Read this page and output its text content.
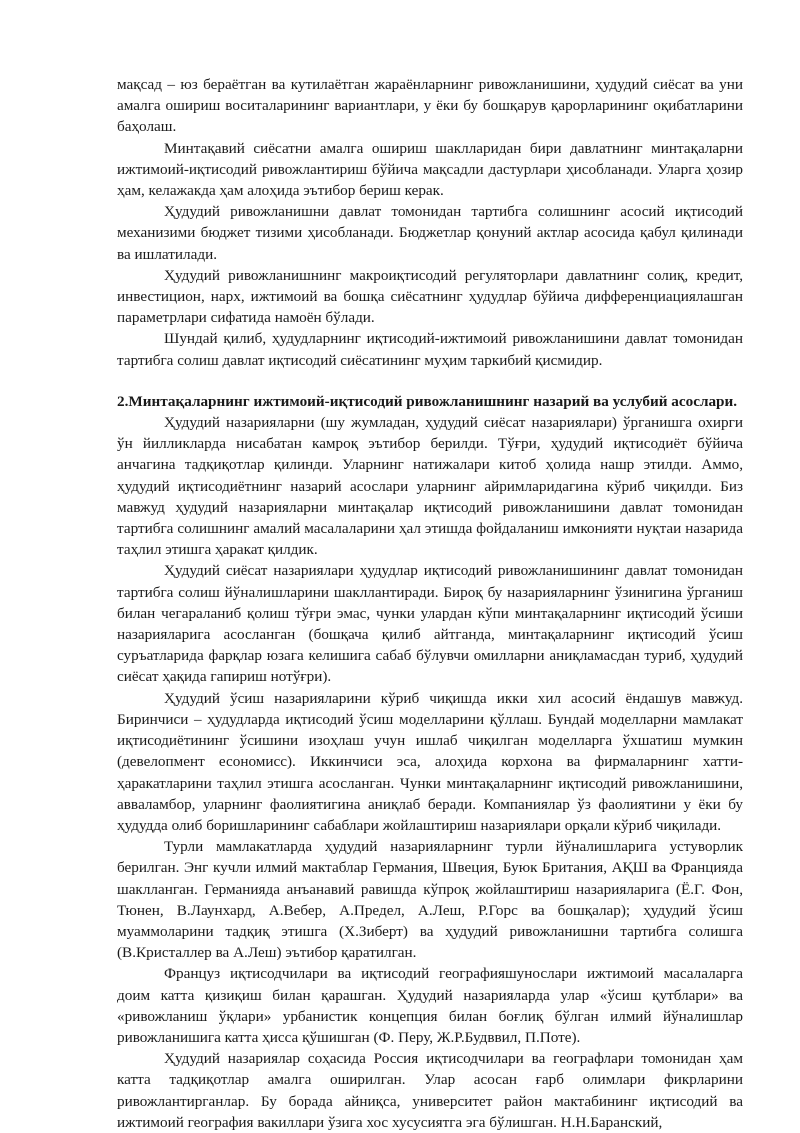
мақсад – юз бераётган ва кутилаётган жараёнларнинг ривожланишини, ҳудудий сиёсат ва уни амалга ошириш воситаларининг вариантлари, у ёки бу бошқарув қарорларининг оқибатларини баҳолаш.

Минтақавий сиёсатни амалга ошириш шаклларидан бири давлатнинг минтақаларни ижтимоий-иқтисодий ривожлантириш бўйича мақсадли дастурлари ҳисобланади. Уларга ҳозир ҳам, келажакда ҳам алоҳида эътибор бериш керак.

Ҳудудий ривожланишни давлат томонидан тартибга солишнинг асосий иқтисодий механизими бюджет тизими ҳисобланади. Бюджетлар қонуний актлар асосида қабул қилинади ва ишлатилади.

Ҳудудий ривожланишнинг макроиқтисодий регуляторлари давлатнинг солиқ, кредит, инвестицион, нарх, ижтимоий ва бошқа сиёсатнинг ҳудудлар бўйича дифференциациялашган параметрлари сифатида намоён бўлади.

Шундай қилиб, ҳудудларнинг иқтисодий-ижтимоий ривожланишини давлат томонидан тартибга солиш давлат иқтисодий сиёсатининг муҳим таркибий қисмидир.

2.Минтақаларнинг ижтимоий-иқтисодий ривожланишнинг назарий ва услубий асослари.

Ҳудудий назарияларни (шу жумладан, ҳудудий сиёсат назариялари) ўрганишга охирги ўн йилликларда нисабатан камроқ эътибор берилди. Тўғри, ҳудудий иқтисодиёт бўйича анчагина тадқиқотлар қилинди. Уларнинг натижалари китоб ҳолида нашр этилди. Аммо, ҳудудий иқтисодиётнинг назарий асослари уларнинг айримларидагина кўриб чиқилди. Биз мавжуд ҳудудий назарияларни минтақалар иқтисодий ривожланишини давлат томонидан тартибга солишнинг амалий масалаларини ҳал этишда фойдаланиш имконияти нуқтаи назарида таҳлил этишга ҳаракат қилдик.

Ҳудудий сиёсат назариялари ҳудудлар иқтисодий ривожланишининг давлат томонидан тартибга солиш йўналишларини шакллантиради. Бироқ бу назарияларнинг ўзинигина ўрганиш билан чегараланиб қолиш тўғри эмас, чунки улардан кўпи минтақаларнинг иқтисодий ўсиши назарияларига асосланган (бошқача қилиб айтганда, минтақаларнинг иқтисодий ўсиш суръатларида фарқлар юзага келишига сабаб бўлувчи омилларни аниқламасдан туриб, ҳудудий сиёсат ҳақида гапириш нотўғри).

Ҳудудий ўсиш назарияларини кўриб чиқишда икки хил асосий ёндашув мавжуд. Биринчиси – ҳудудларда иқтисодий ўсиш моделларини қўллаш. Бундай моделларни мамлакат иқтисодиётининг ўсишини изоҳлаш учун ишлаб чиқилган моделларга ўхшатиш мумкин (девелопмент есономисс). Иккинчиси эса, алоҳида корхона ва фирмаларнинг хатти-ҳаракатларини таҳлил этишга асосланган. Чунки минтақаларнинг иқтисодий ривожланишини, аввaламбор, уларнинг фаолиятигина аниқлаб беради. Компаниялар ўз фаолиятини у ёки бу ҳудудда олиб боришларининг сабаблари жойлаштириш назариялари орқали кўриб чиқилади.

Турли мамлакатларда ҳудудий назарияларнинг турли йўналишларига устуворлик берилган. Энг кучли илмий мактаблар Германия, Швеция, Буюк Британия, АҚШ ва Францияда шаклланган. Германияда анъанавий равишда кўпроқ жойлаштириш назарияларига (Ё.Г. Фон, Тюнен, В.Лаунхард, А.Вебер, А.Предел, А.Леш, Р.Горс ва бошқалар); ҳудудий ўсиш муаммоларини тадқиқ этишга (Х.Зиберт) ва ҳудудий ривожланишни тартибга солишга (В.Кристаллер ва А.Леш) эътибор қаратилган.

Француз иқтисодчилари ва иқтисодий географияшунослари ижтимоий масалаларга доим катта қизиқиш билан қарашган. Ҳудудий назарияларда улар «ўсиш қутблари» ва «ривожланиш ўқлари» урбанистик концепция билан боғлиқ бўлган илмий йўналишлар ривожланишига катта ҳисса қўшишган (Ф. Перу, Ж.Р.Будввил, П.Поте).

Ҳудудий назариялар соҳасида Россия иқтисодчилари ва географлари томонидан ҳам катта тадқиқотлар амалга оширилган. Улар асосан ғарб олимлари фикрларини ривожлантирганлар. Бу борада айниқса, университет район мактабининг иқтисодий ва ижтимоий география вакиллари ўзига хос хусусиятга эга бўлишган. Н.Н.Баранский,
